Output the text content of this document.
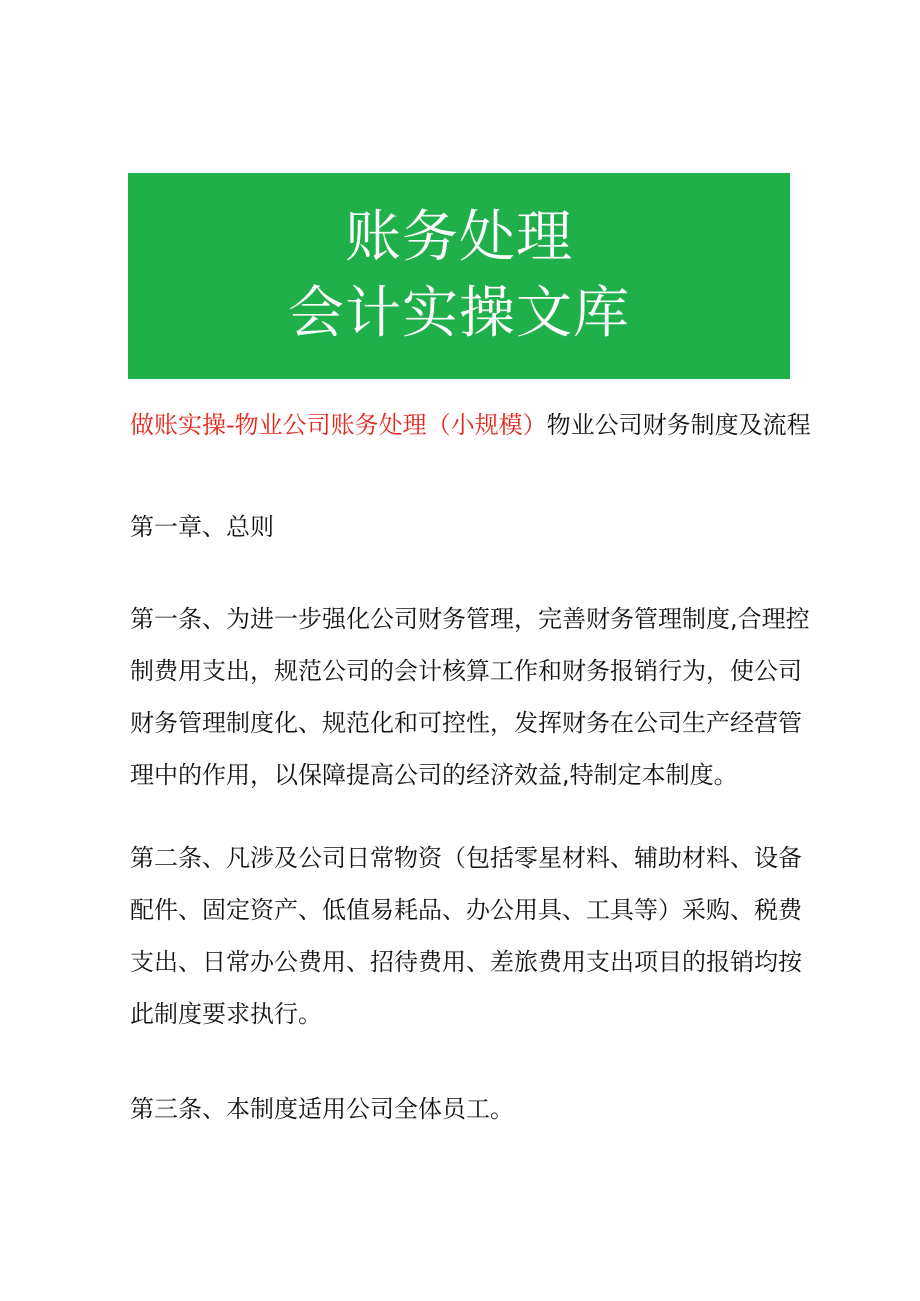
账务处理
会计实操文库
做账实操-物业公司账务处理（小规模）物业公司财务制度及流程
第一章、总则
第一条、为进一步强化公司财务管理，完善财务管理制度,合理控
制费用支出，规范公司的会计核算工作和财务报销行为，使公司
财务管理制度化、规范化和可控性，发挥财务在公司生产经营管
理中的作用，以保障提高公司的经济效益,特制定本制度。
第二条、凡涉及公司日常物资（包括零星材料、辅助材料、设备
配件、固定资产、低值易耗品、办公用具、工具等）采购、税费
支出、日常办公费用、招待费用、差旅费用支出项目的报销均按
此制度要求执行。
第三条、本制度适用公司全体员工。
